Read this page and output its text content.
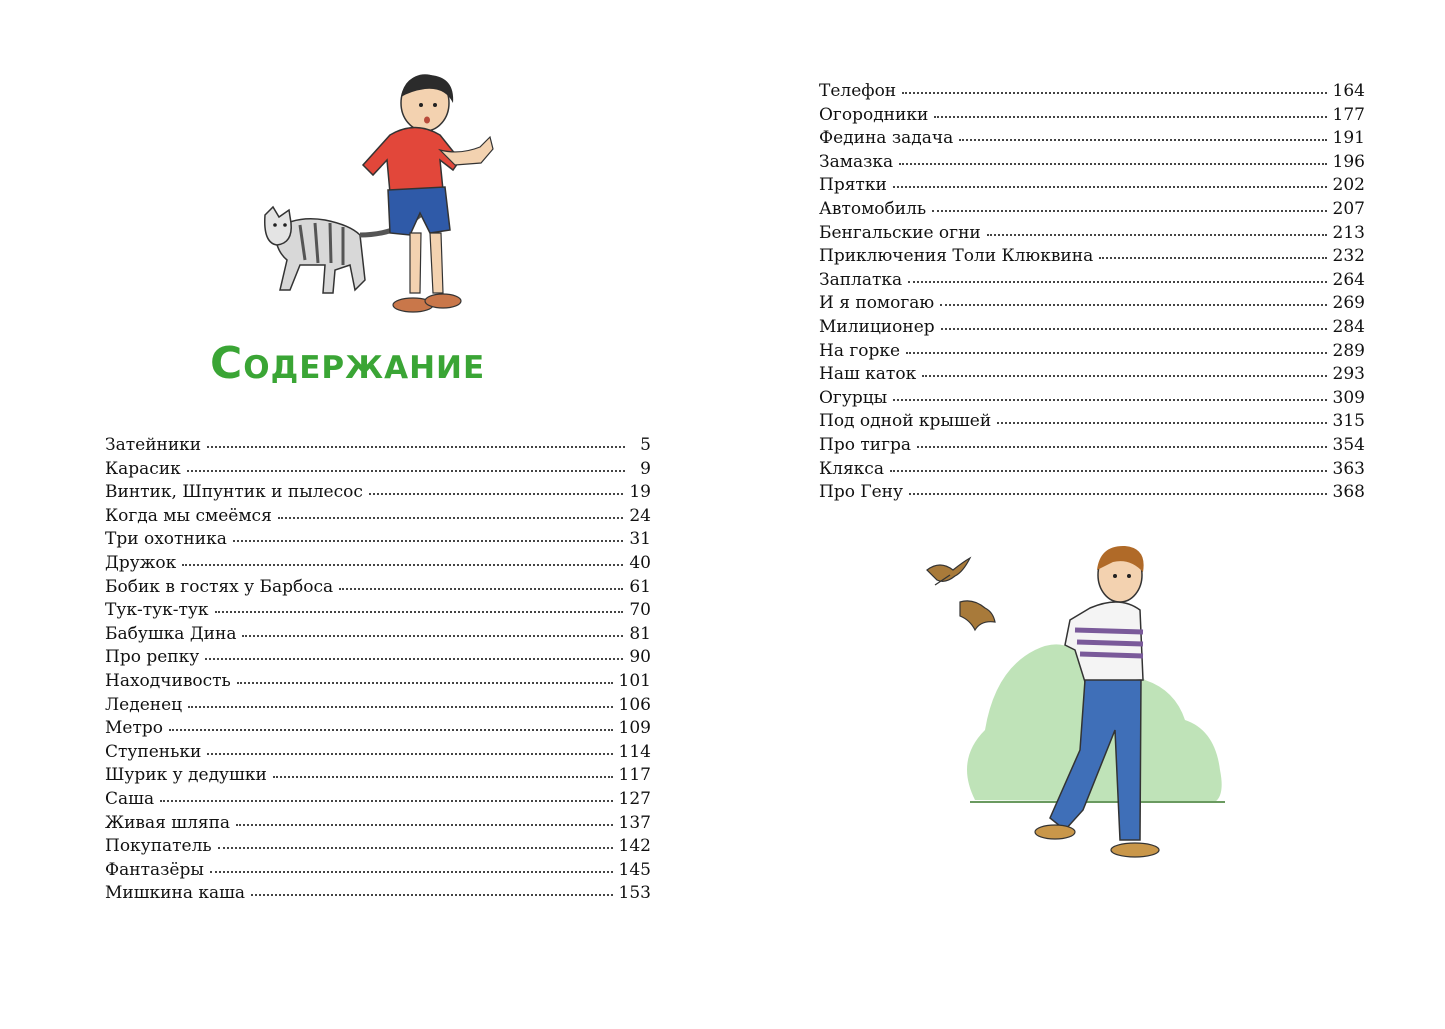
Содержание
Затейники	5
Карасик	9
Винтик, Шпунтик и пылесос	19
Когда мы смеёмся	24
Три охотника	31
Дружок	40
Бобик в гостях у Барбоса	61
Тук-тук-тук	70
Бабушка Дина	81
Про репку	90
Находчивость	101
Леденец	106
Метро	109
Ступеньки	114
Шурик у дедушки	117
Саша	127
Живая шляпа	137
Покупатель	142
Фантазёры	145
Мишкина каша	153
Телефон	164
Огородники	177
Федина задача	191
Замазка	196
Прятки	202
Автомобиль	207
Бенгальские огни	213
Приключения Толи Клюквина	232
Заплатка	264
И я помогаю	269
Милиционер	284
На горке	289
Наш каток	293
Огурцы	309
Под одной крышей	315
Про тигра	354
Клякса	363
Про Гену	368
